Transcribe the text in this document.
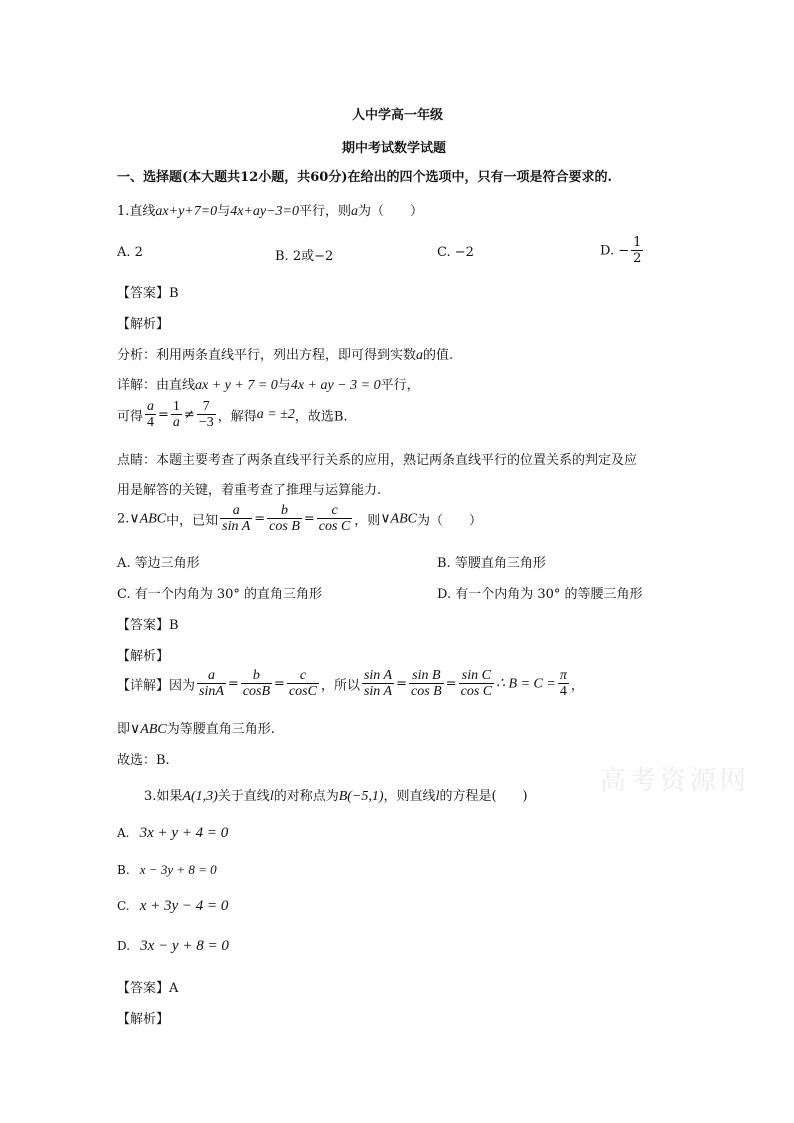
人中学高一年级
期中考试数学试题
一、选择题(本大题共12小题，共60分)在给出的四个选项中，只有一项是符合要求的.
1.直线ax+y+7=0与4x+ay−3=0平行，则a为（　　）
A. 2	B. 2或−2	C. −2	D. − $\frac{1}{2}$
【答案】B
【解析】
分析：利用两条直线平行，列出方程，即可得到实数a的值.
详解：由直线ax + y + 7 = 0与4x + ay − 3 = 0平行，
可得 $\frac{a}{4} = \frac{1}{a} \ne \frac{7}{-3}$ ，解得a = ±2，故选B.
点睛：本题主要考查了两条直线平行关系的应用，熟记两条直线平行的位置关系的判定及应
用是解答的关键，着重考查了推理与运算能力.
2.∨ABC中，已知 $\frac{a}{\text{sin A}} = \frac{b}{\text{cos B}} = \frac{c}{\text{cos C}}$ ，则∨ABC为（　　）
A. 等边三角形	B. 等腰直角三角形
C. 有一个内角为 30° 的直角三角形	D. 有一个内角为 30° 的等腰三角形
【答案】B
【解析】
【详解】因为 $\frac{a}{\sin A} = \frac{b}{\cos B} = \frac{c}{\cos C}$ ，所以 $\frac{\text{sin A}}{\text{sin A}} = \frac{\text{sin B}}{\text{cos B}} = \frac{\text{sin C}}{\text{cos C}}$ ∴ $B = C = \frac{\pi}{4}$ ，
即∨ABC为等腰直角三角形.
故选：B.
高考资源网
3.如果A(1,3)关于直线l的对称点为B(−5,1)，则直线l的方程是(　　)
A. 3x + y + 4 = 0
B. x − 3y + 8 = 0
C. x + 3y − 4 = 0
D. 3x − y + 8 = 0
【答案】A
【解析】
